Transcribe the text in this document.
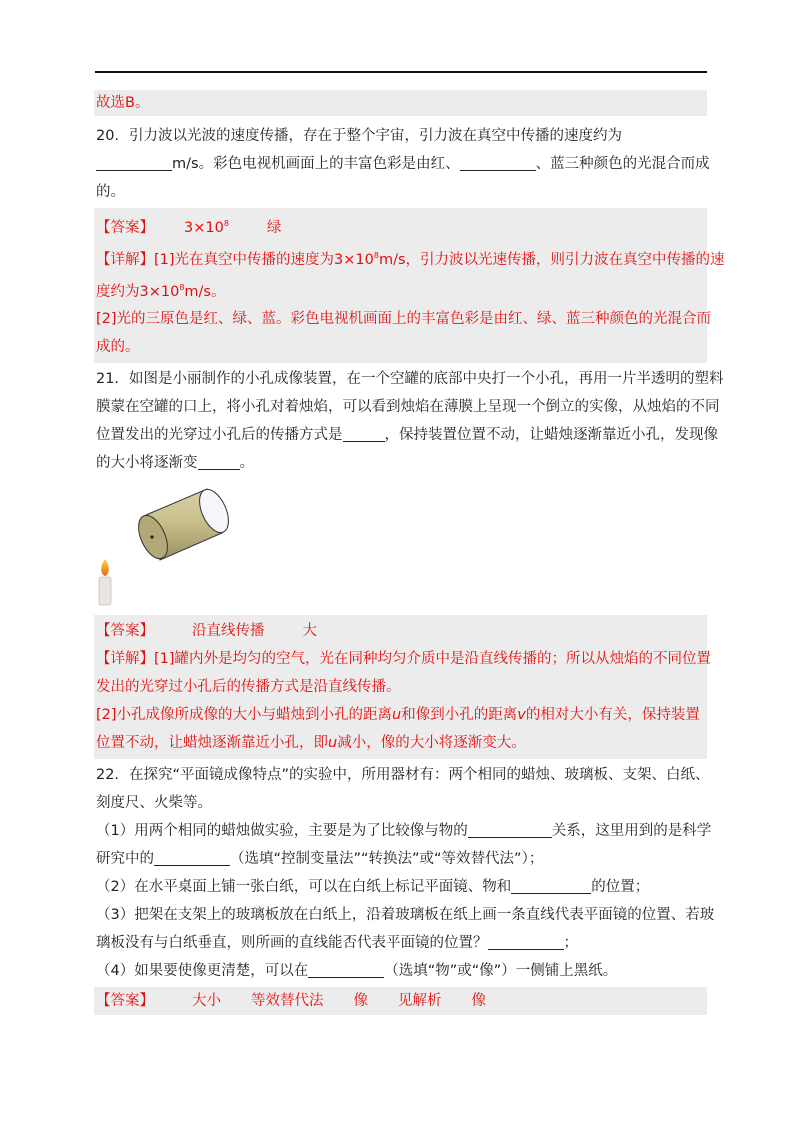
故选B。
20．引力波以光波的速度传播，存在于整个宇宙，引力波在真空中传播的速度约为
m/s。彩色电视机画面上的丰富色彩是由红、	、蓝三种颜色的光混合而成
的。
【答案】 $3\times 10^8$	绿
【详解】[1]光在真空中传播的速度为$3\times 10^8m/s$，引力波以光速传播，则引力波在真空中传播的速
度约为$3\times 10^8m/s$。
[2]光的三原色是红、绿、蓝。彩色电视机画面上的丰富色彩是由红、绿、蓝三种颜色的光混合而
成的。
21．如图是小丽制作的小孔成像装置，在一个空罐的底部中央打一个小孔，再用一片半透明的塑料
膜蒙在空罐的口上，将小孔对着烛焰，可以看到烛焰在薄膜上呈现一个倒立的实像，从烛焰的不同
位置发出的光穿过小孔后的传播方式是	，保持装置位置不动，让蜡烛逐渐靠近小孔，发现像
的大小将逐渐变	。
【答案】	沿直线传播	大
【详解】[1]罐内外是均匀的空气，光在同种均匀介质中是沿直线传播的；所以从烛焰的不同位置
发出的光穿过小孔后的传播方式是沿直线传播。
[2]小孔成像所成像的大小与蜡烛到小孔的距离u和像到小孔的距离v的相对大小有关，保持装置
位置不动，让蜡烛逐渐靠近小孔，即u减小，像的大小将逐渐变大。
22．在探究“平面镜成像特点”的实验中，所用器材有：两个相同的蜡烛、玻璃板、支架、白纸、
刻度尺、火柴等。
（1）用两个相同的蜡烛做实验，主要是为了比较像与物的	关系，这里用到的是科学
研究中的	（选填“控制变量法”“转换法”或“等效替代法”）；
（2）在水平桌面上铺一张白纸，可以在白纸上标记平面镜、物和	的位置；
（3）把架在支架上的玻璃板放在白纸上，沿着玻璃板在纸上画一条直线代表平面镜的位置、若玻
璃板没有与白纸垂直，则所画的直线能否代表平面镜的位置？	；
（4）如果要使像更清楚，可以在	（选填“物”或“像”）一侧铺上黑纸。
【答案】	大小 等效替代法 像 见解析 像
